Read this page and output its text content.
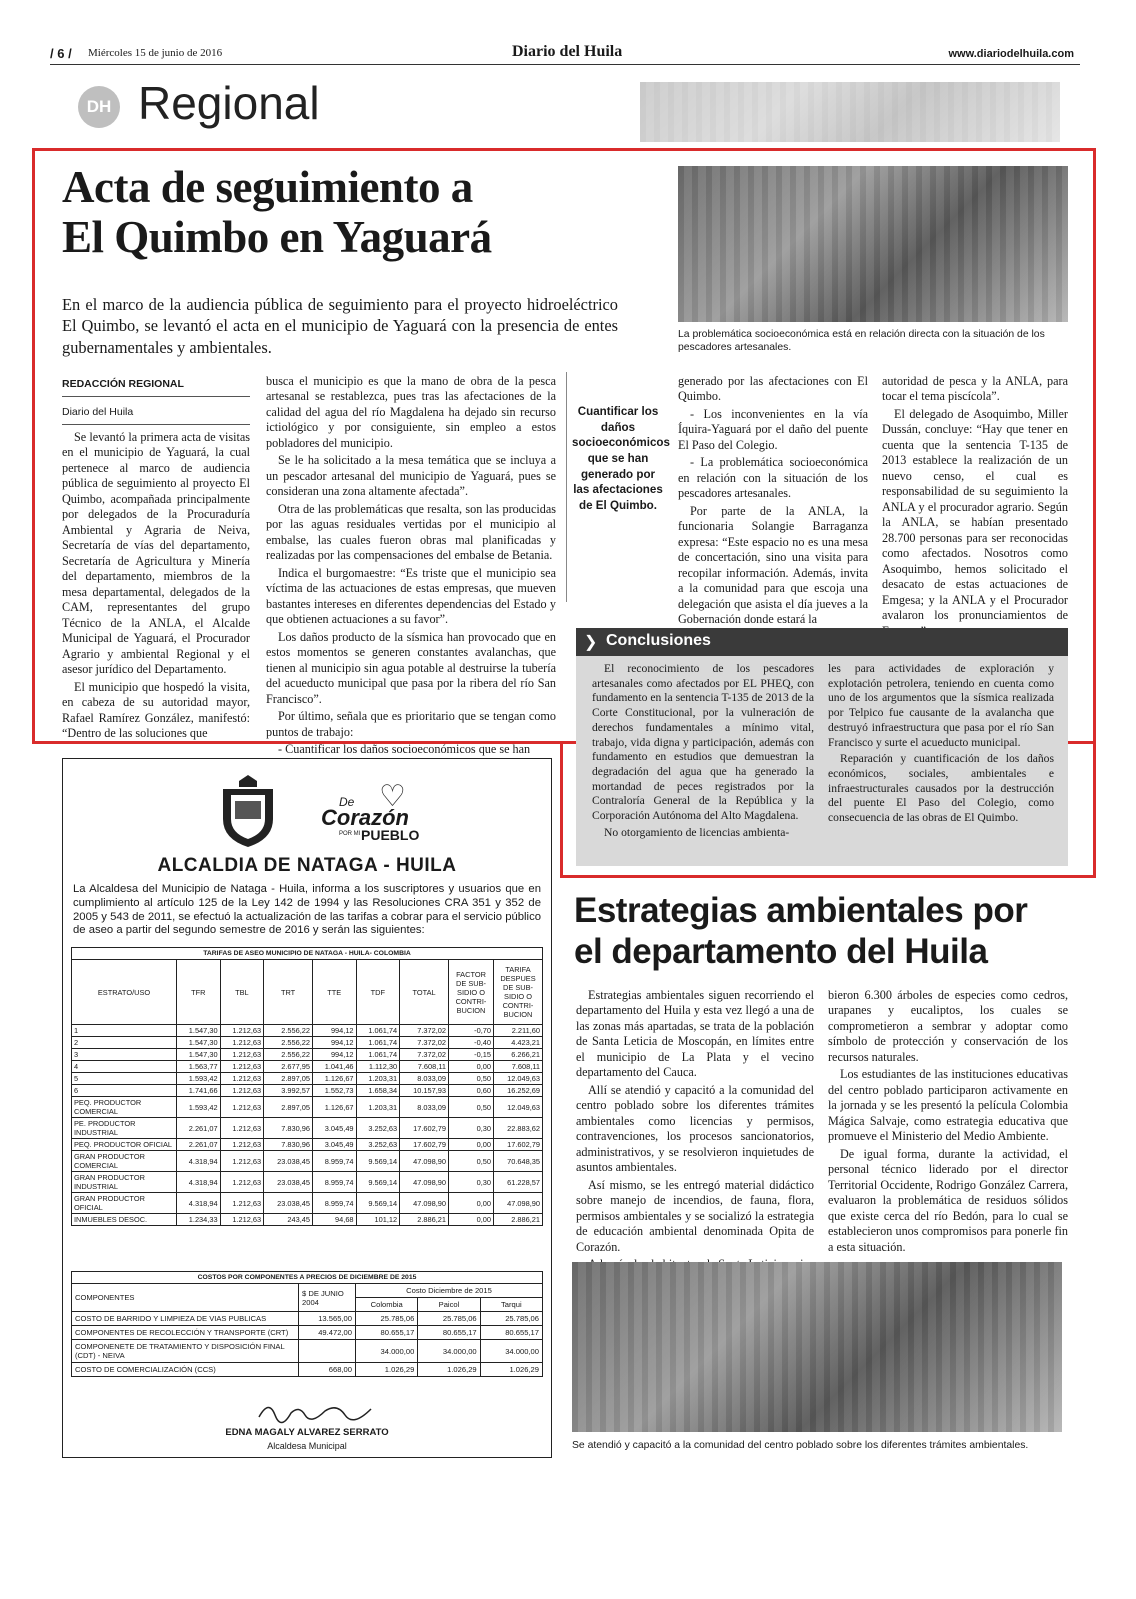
/ 6 / Miércoles 15 de junio de 2016	Diario del Huila	www.diariodelhuila.com
DH Regional
Acta de seguimiento a
El Quimbo en Yaguará
En el marco de la audiencia pública de seguimiento para el proyecto hidroeléctrico El Quimbo, se levantó el acta en el municipio de Yaguará con la presencia de entes gubernamentales y ambientales.
La problemática socioeconómica está en relación directa con la situación de los pescadores artesanales.
REDACCIÓN REGIONAL
Diario del Huila

Se levantó la primera acta de visitas en el municipio de Yaguará, la cual pertenece al marco de audiencia pública de seguimiento al proyecto El Quimbo, acompañada principalmente por delegados de la Procuraduría Ambiental y Agraria de Neiva, Secretaría de vías del departamento, Secretaría de Agricultura y Minería del departamento, miembros de la mesa departamental, delegados de la CAM, representantes del grupo Técnico de la ANLA, el Alcalde Municipal de Yaguará, el Procurador Agrario y ambiental Regional y el asesor jurídico del Departamento.

El municipio que hospedó la visita, en cabeza de su autoridad mayor, Rafael Ramírez González, manifestó: “Dentro de las soluciones que

busca el municipio es que la mano de obra de la pesca artesanal se restablezca, pues tras las afectaciones de la calidad del agua del río Magdalena ha dejado sin recurso ictiológico y por consiguiente, sin empleo a estos pobladores del municipio.

Se le ha solicitado a la mesa temática que se incluya a un pescador artesanal del municipio de Yaguará, pues se consideran una zona altamente afectada”.

Otra de las problemáticas que resalta, son las producidas por las aguas residuales vertidas por el municipio al embalse, las cuales fueron obras mal planificadas y realizadas por las compensaciones del embalse de Betania.

Indica el burgomaestre: “Es triste que el municipio sea víctima de las actuaciones de estas empresas, que mueven bastantes intereses en diferentes dependencias del Estado y que obtienen actuaciones a su favor”.

Los daños producto de la sísmica han provocado que en estos momentos se generen constantes avalanchas, que tienen al municipio sin agua potable al destruirse la tubería del acueducto municipal que pasa por la ribera del río San Francisco”.

Por último, señala que es prioritario que se tengan como puntos de trabajo:

- Cuantificar los daños socioeconómicos que se han

Cuantificar los daños socioeconómicos que se han generado por las afectaciones de El Quimbo.

generado por las afectaciones con El Quimbo.

- Los inconvenientes en la vía Íquira-Yaguará por el daño del puente El Paso del Colegio.

- La problemática socioeconómica en relación con la situación de los pescadores artesanales.

Por parte de la ANLA, la funcionaria Solangie Barraganza expresa: “Este espacio no es una mesa de concertación, sino una visita para recopilar información. Además, invita a la comunidad para que escoja una delegación que asista el día jueves a la Gobernación donde estará la

autoridad de pesca y la ANLA, para tocar el tema piscícola”.

El delegado de Asoquimbo, Miller Dussán, concluye: “Hay que tener en cuenta que la sentencia T-135 de 2013 establece la realización de un nuevo censo, el cual es responsabilidad de su seguimiento la ANLA y el procurador agrario. Según la ANLA, se habían presentado 28.700 personas para ser reconocidas como afectados. Nosotros como Asoquimbo, hemos solicitado el desacato de estas actuaciones de Emgesa; y la ANLA y el Procurador avalaron los pronunciamientos de

❯ Conclusiones

El reconocimiento de los pescadores artesanales como afectados por EL PHEQ, con fundamento en la sentencia T-135 de 2013 de la Corte Constitucional, por la vulneración de derechos fundamentales a mínimo vital, trabajo, vida digna y participación, además con fundamento en estudios que demuestran la degradación del agua que ha generado la mortandad de peces registrados por la Contraloría General de la República y la Corporación Autónoma del Alto Magdalena.

No otorgamiento de licencias ambienta-

les para actividades de exploración y explotación petrolera, teniendo en cuenta como uno de los argumentos que la sísmica realizada por Telpico fue causante de la avalancha que destruyó infraestructura que pasa por el río San Francisco y surte el acueducto municipal.

Reparación y cuantificación de los daños económicos, sociales, ambientales e infraestructurales causados por la destrucción del puente El Paso del Colegio, como consecuencia de las obras de El Quimbo.

♡
De
Corazón
POR MI PUEBLO
ALCALDIA DE NATAGA - HUILA
La Alcaldesa del Municipio de Nataga - Huila, informa a los suscriptores y usuarios que en cumplimiento al artículo 125 de la Ley 142 de 1994 y las Resoluciones CRA 351 y 352 de 2005 y 543 de 2011, se efectuó la actualización de las tarifas a cobrar para el servicio público de aseo a partir del segundo semestre de 2016 y serán las siguientes:
TARIFAS DE ASEO MUNICIPIO DE NATAGA - HUILA- COLOMBIA
ESTRATO/USO	TFR	TBL	TRT	TTE	TDF	TOTAL	FACTOR DE SUB-SIDIO O CONTRI-BUCION	TARIFA DESPUES DE SUB-SIDIO O CONTRI-BUCION
1	1.547,30	1.212,63	2.556,22	994,12	1.061,74	7.372,02	-0,70	2.211,60
2	1.547,30	1.212,63	2.556,22	994,12	1.061,74	7.372,02	-0,40	4.423,21
3	1.547,30	1.212,63	2.556,22	994,12	1.061,74	7.372,02	-0,15	6.266,21
4	1.563,77	1.212,63	2.677,95	1.041,46	1.112,30	7.608,11	0,00	7.608,11
5	1.593,42	1.212,63	2.897,05	1.126,67	1.203,31	8.033,09	0,50	12.049,63
6	1.741,66	1.212,63	3.992,57	1.552,73	1.658,34	10.157,93	0,60	16.252,69
PEQ. PRODUCTOR COMERCIAL	1.593,42	1.212,63	2.897,05	1.126,67	1.203,31	8.033,09	0,50	12.049,63
PE. PRODUCTOR INDUSTRIAL	2.261,07	1.212,63	7.830,96	3.045,49	3.252,63	17.602,79	0,30	22.883,62
PEQ. PRODUCTOR OFICIAL	2.261,07	1.212,63	7.830,96	3.045,49	3.252,63	17.602,79	0,00	17.602,79
GRAN PRODUCTOR COMERCIAL	4.318,94	1.212,63	23.038,45	8.959,74	9.569,14	47.098,90	0,50	70.648,35
GRAN PRODUCTOR INDUSTRIAL	4.318,94	1.212,63	23.038,45	8.959,74	9.569,14	47.098,90	0,30	61.228,57
GRAN PRODUCTOR OFICIAL	4.318,94	1.212,63	23.038,45	8.959,74	9.569,14	47.098,90	0,00	47.098,90
INMUEBLES DESOC.	1.234,33	1.212,63	243,45	94,68	101,12	2.886,21	0,00	2.886,21
COSTOS POR COMPONENTES A PRECIOS DE DICIEMBRE DE 2015
COMPONENTES	$ DE JUNIO 2004	Costo Diciembre de 2015		
		Colombia	Paicol	Tarqui
COSTO DE BARRIDO Y LIMPIEZA DE VIAS PUBLICAS	13.565,00	25.785,06	25.785,06	25.785,06
COMPONENTES DE RECOLECCIÓN Y TRANSPORTE (CRT)	49.472,00	80.655,17	80.655,17	80.655,17
COMPONENETE DE TRATAMIENTO Y DISPOSICIÓN FINAL (CDT) - NEIVA		34.000,00	34.000,00	34.000,00
COSTO DE COMERCIALIZACIÓN (CCS)	668,00	1.026,29	1.026,29	1.026,29
EDNA MAGALY ALVAREZ SERRATO
Alcaldesa Municipal
Estrategias ambientales por
el departamento del Huila

Estrategias ambientales siguen recorriendo el departamento del Huila y esta vez llegó a una de las zonas más apartadas, se trata de la población de Santa Leticia de Moscopán, en límites entre el municipio de La Plata y el vecino departamento del Cauca.

Allí se atendió y capacitó a la comunidad del centro poblado sobre los diferentes trámites ambientales como licencias y permisos, contravenciones, los procesos sancionatorios, administrativos, y se resolvieron inquietudes de asuntos ambientales.

Así mismo, se les entregó material didáctico sobre manejo de incendios, de fauna, flora, permisos ambientales y se socializó la estrategia de educación ambiental denominada Opita de Corazón.

bieron 6.300 árboles de especies como cedros, urapanes y eucaliptos, los cuales se comprometieron a sembrar y adoptar como símbolo de protección y conservación de los recursos naturales.

Los estudiantes de las instituciones educativas del centro poblado participaron activamente en la jornada y se les presentó la película Colombia Mágica Salvaje, como estrategia educativa que promueve el Ministerio del Medio Ambiente.

De igual forma, durante la actividad, el personal técnico liderado por el director Territorial Occidente, Rodrigo González Carrera, evaluaron la problemática de residuos sólidos que existe cerca del río Bedón, para lo cual se establecieron unos compromisos para ponerle fin a esta situación.

Se atendió y capacitó a la comunidad del centro poblado sobre los diferentes trámites ambientales.
